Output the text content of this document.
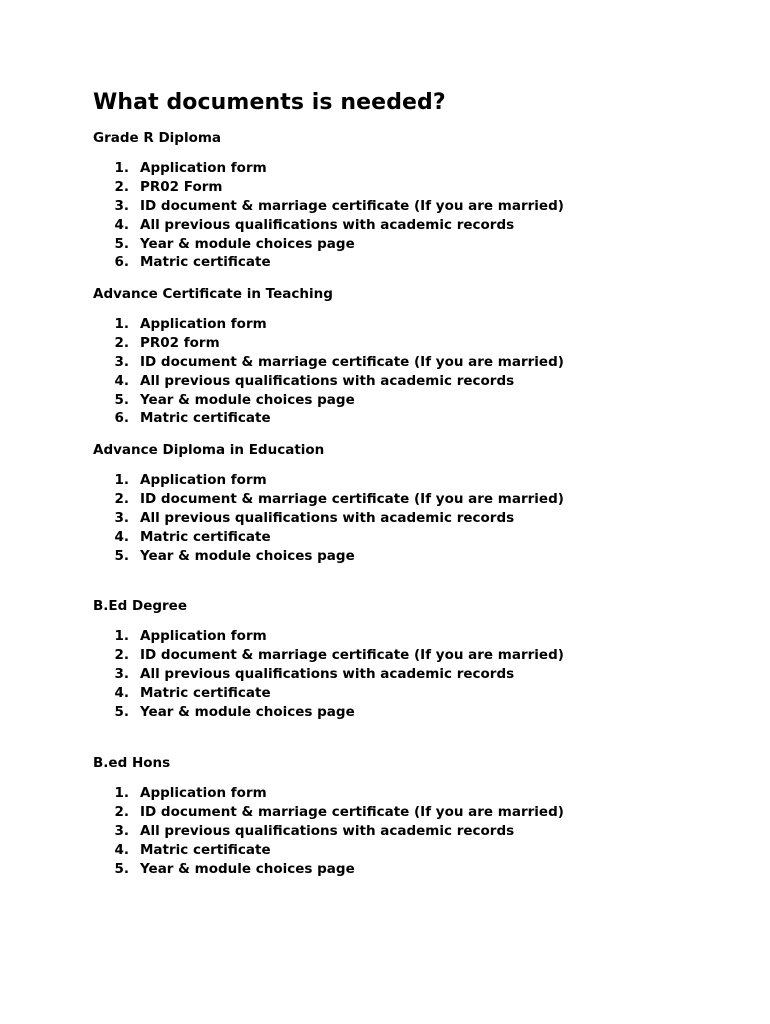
What documents is needed?

Grade R Diploma

1. Application form
2. PR02 Form
3. ID document & marriage certificate (If you are married)
4. All previous qualifications with academic records
5. Year & module choices page
6. Matric certificate

Advance Certificate in Teaching

1. Application form
2. PR02 form
3. ID document & marriage certificate (If you are married)
4. All previous qualifications with academic records
5. Year & module choices page
6. Matric certificate

Advance Diploma in Education

1. Application form
2. ID document & marriage certificate (If you are married)
3. All previous qualifications with academic records
4. Matric certificate
5. Year & module choices page

B.Ed Degree

1. Application form
2. ID document & marriage certificate (If you are married)
3. All previous qualifications with academic records
4. Matric certificate
5. Year & module choices page

B.ed Hons

1. Application form
2. ID document & marriage certificate (If you are married)
3. All previous qualifications with academic records
4. Matric certificate
5. Year & module choices page
